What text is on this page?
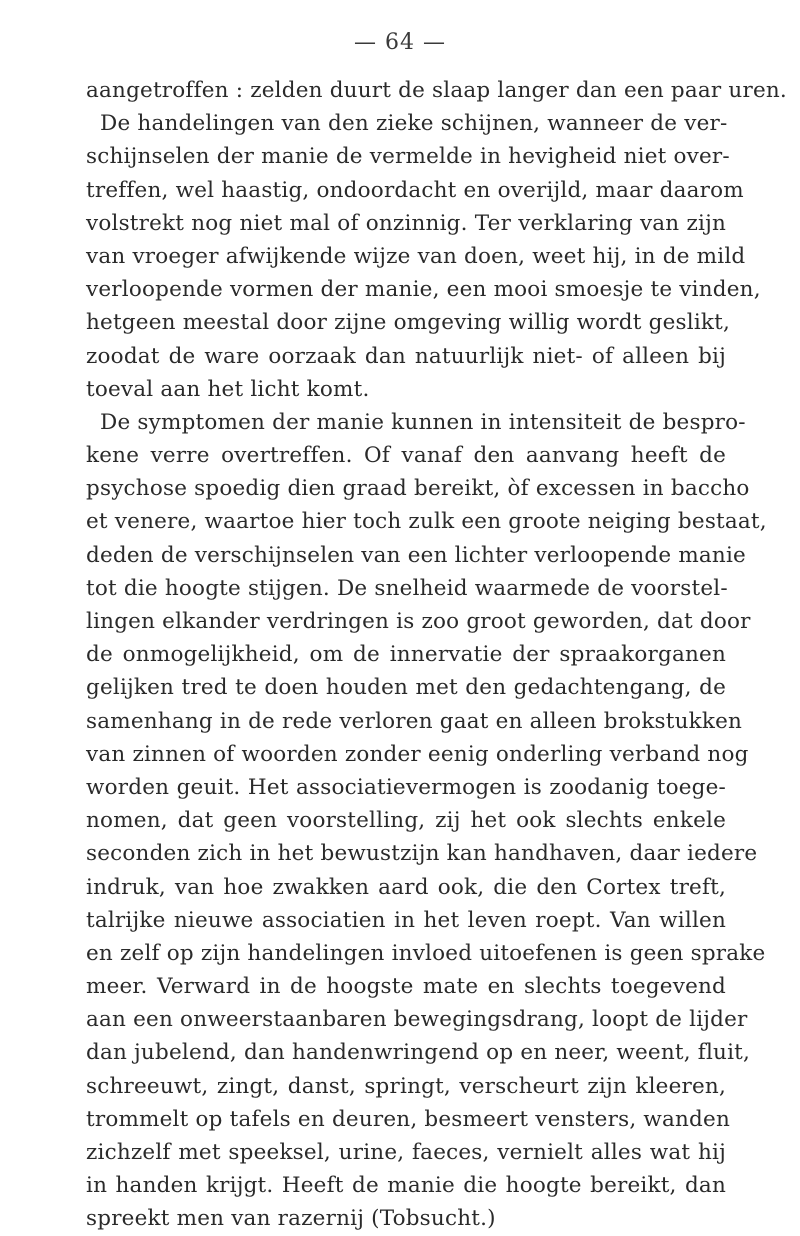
— 64 —
aangetroffen : zelden duurt de slaap langer dan een paar uren.
De handelingen van den zieke schijnen, wanneer de ver-
schijnselen der manie de vermelde in hevigheid niet over-
treffen, wel haastig, ondoordacht en overijld, maar daarom
volstrekt nog niet mal of onzinnig. Ter verklaring van zijn
van vroeger afwijkende wijze van doen, weet hij, in de mild
verloopende vormen der manie, een mooi smoesje te vinden,
hetgeen meestal door zijne omgeving willig wordt geslikt,
zoodat de ware oorzaak dan natuurlijk niet- of alleen bij
toeval aan het licht komt.
De symptomen der manie kunnen in intensiteit de bespro-
kene verre overtreffen. Of vanaf den aanvang heeft de
psychose spoedig dien graad bereikt, òf excessen in baccho
et venere, waartoe hier toch zulk een groote neiging bestaat,
deden de verschijnselen van een lichter verloopende manie
tot die hoogte stijgen. De snelheid waarmede de voorstel-
lingen elkander verdringen is zoo groot geworden, dat door
de onmogelijkheid, om de innervatie der spraakorganen
gelijken tred te doen houden met den gedachtengang, de
samenhang in de rede verloren gaat en alleen brokstukken
van zinnen of woorden zonder eenig onderling verband nog
worden geuit. Het associatievermogen is zoodanig toege-
nomen, dat geen voorstelling, zij het ook slechts enkele
seconden zich in het bewustzijn kan handhaven, daar iedere
indruk, van hoe zwakken aard ook, die den Cortex treft,
talrijke nieuwe associatien in het leven roept. Van willen
en zelf op zijn handelingen invloed uitoefenen is geen sprake
meer. Verward in de hoogste mate en slechts toegevend
aan een onweerstaanbaren bewegingsdrang, loopt de lijder
dan jubelend, dan handenwringend op en neer, weent, fluit,
schreeuwt, zingt, danst, springt, verscheurt zijn kleeren,
trommelt op tafels en deuren, besmeert vensters, wanden
zichzelf met speeksel, urine, faeces, vernielt alles wat hij
in handen krijgt. Heeft de manie die hoogte bereikt, dan
spreekt men van razernij (Tobsucht.)
